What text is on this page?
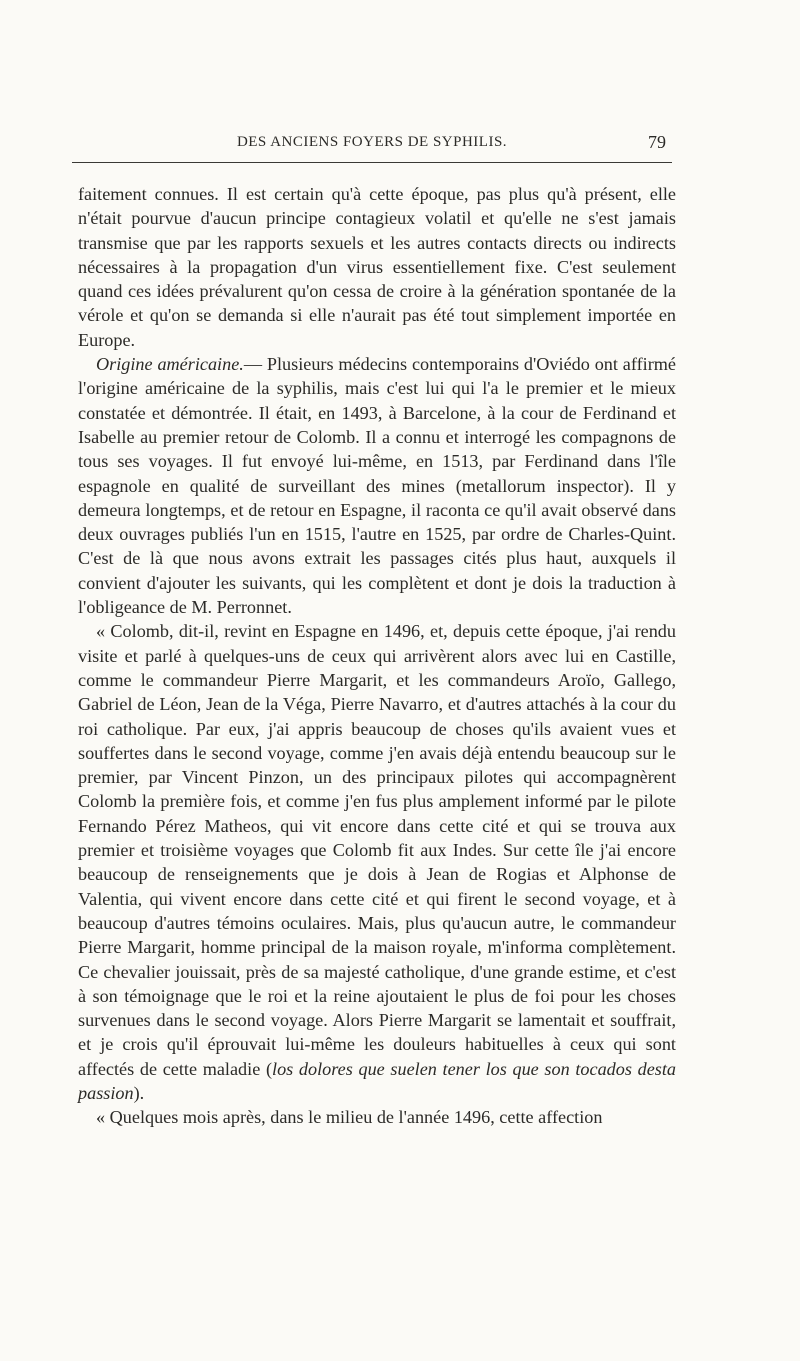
DES ANCIENS FOYERS DE SYPHILIS.	79

faitement connues. Il est certain qu'à cette époque, pas plus qu'à présent, elle n'était pourvue d'aucun principe contagieux volatil et qu'elle ne s'est jamais transmise que par les rapports sexuels et les autres contacts directs ou indirects nécessaires à la propagation d'un virus essentiellement fixe. C'est seulement quand ces idées prévalurent qu'on cessa de croire à la génération spontanée de la vérole et qu'on se demanda si elle n'aurait pas été tout simplement importée en Europe.

Origine américaine.— Plusieurs médecins contemporains d'Oviédo ont affirmé l'origine américaine de la syphilis, mais c'est lui qui l'a le premier et le mieux constatée et démontrée. Il était, en 1493, à Barcelone, à la cour de Ferdinand et Isabelle au premier retour de Colomb. Il a connu et interrogé les compagnons de tous ses voyages. Il fut envoyé lui-même, en 1513, par Ferdinand dans l'île espagnole en qualité de surveillant des mines (metallorum inspector). Il y demeura longtemps, et de retour en Espagne, il raconta ce qu'il avait observé dans deux ouvrages publiés l'un en 1515, l'autre en 1525, par ordre de Charles-Quint. C'est de là que nous avons extrait les passages cités plus haut, auxquels il convient d'ajouter les suivants, qui les complètent et dont je dois la traduction à l'obligeance de M. Perronnet.

« Colomb, dit-il, revint en Espagne en 1496, et, depuis cette époque, j'ai rendu visite et parlé à quelques-uns de ceux qui arrivèrent alors avec lui en Castille, comme le commandeur Pierre Margarit, et les commandeurs Aroïo, Gallego, Gabriel de Léon, Jean de la Véga, Pierre Navarro, et d'autres attachés à la cour du roi catholique. Par eux, j'ai appris beaucoup de choses qu'ils avaient vues et souffertes dans le second voyage, comme j'en avais déjà entendu beaucoup sur le premier, par Vincent Pinzon, un des principaux pilotes qui accompagnèrent Colomb la première fois, et comme j'en fus plus amplement informé par le pilote Fernando Pérez Matheos, qui vit encore dans cette cité et qui se trouva aux premier et troisième voyages que Colomb fit aux Indes. Sur cette île j'ai encore beaucoup de renseignements que je dois à Jean de Rogias et Alphonse de Valentia, qui vivent encore dans cette cité et qui firent le second voyage, et à beaucoup d'autres témoins oculaires. Mais, plus qu'aucun autre, le commandeur Pierre Margarit, homme principal de la maison royale, m'informa complètement. Ce chevalier jouissait, près de sa majesté catholique, d'une grande estime, et c'est à son témoignage que le roi et la reine ajoutaient le plus de foi pour les choses survenues dans le second voyage. Alors Pierre Margarit se lamentait et souffrait, et je crois qu'il éprouvait lui-même les douleurs habituelles à ceux qui sont affectés de cette maladie (los dolores que suelen tener los que son tocados desta passion).

« Quelques mois après, dans le milieu de l'année 1496, cette affection
